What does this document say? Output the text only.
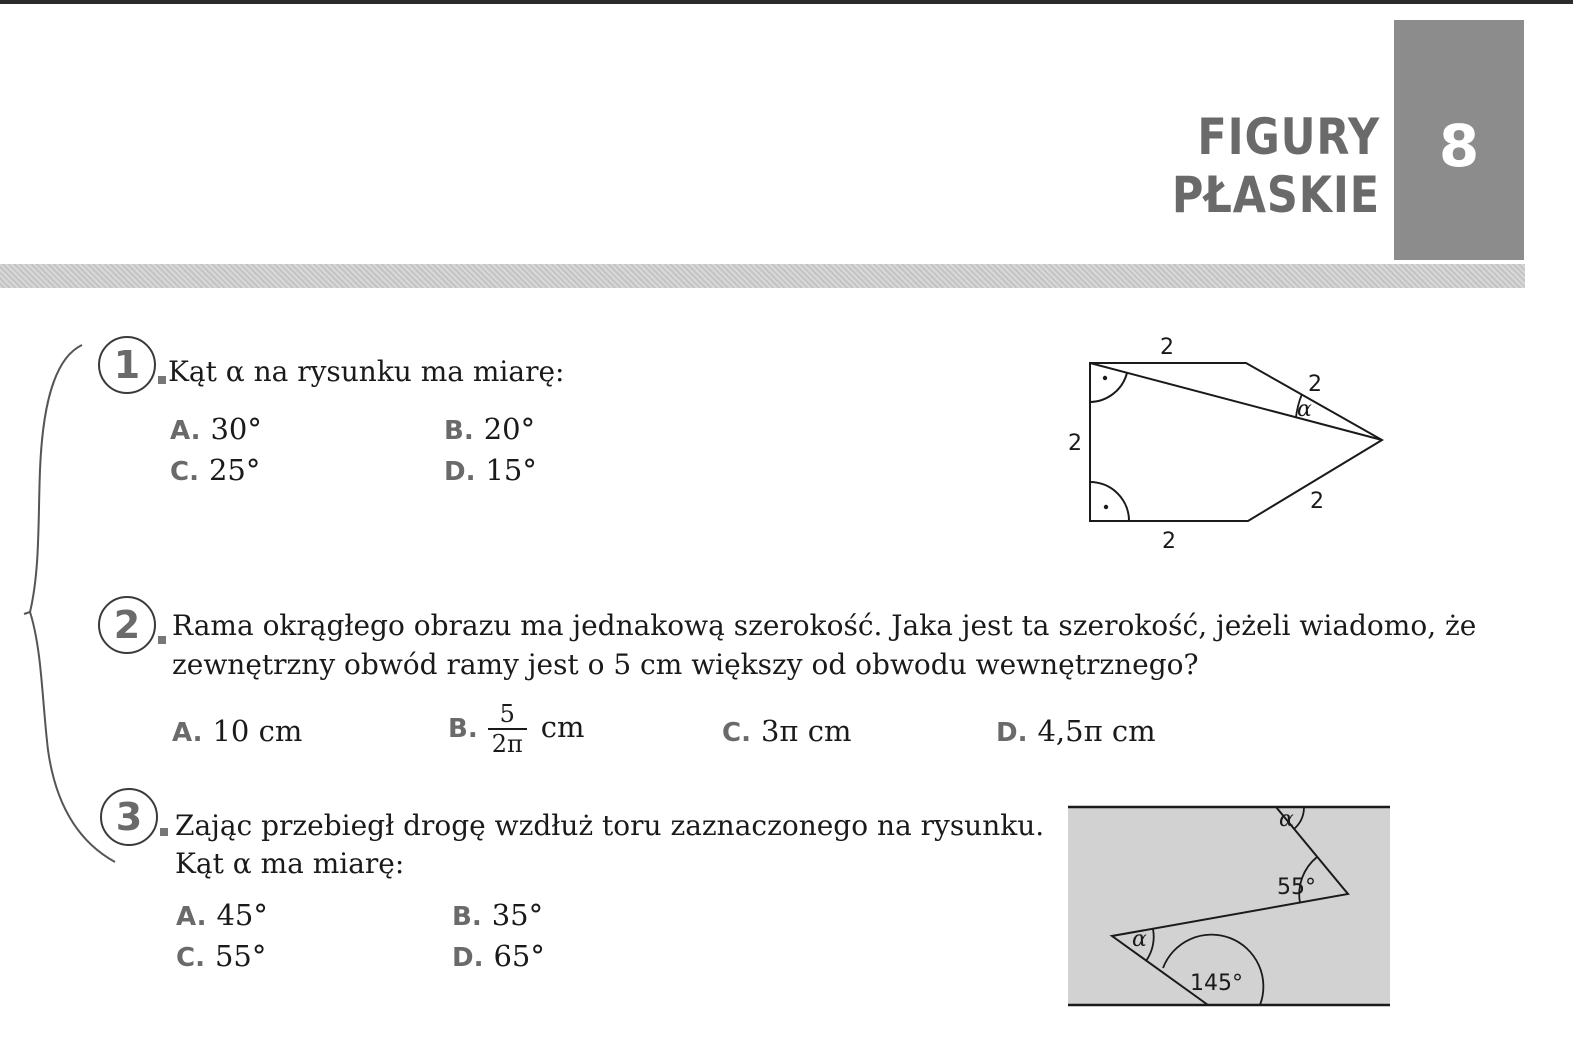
FIGURY PŁASKIE
8
1 Kąt α na rysunku ma miarę:
A. 30°	B. 20°
C. 25°	D. 15°
2
2
2
2
2
α
2	Rama okrągłego obrazu ma jednakową szerokość. Jaka jest ta szerokość, jeżeli wiadomo, że
zewnętrzny obwód ramy jest o 5 cm większy od obwodu wewnętrznego?
A. 10 cm	B. $\frac{5}{2\pi}$ cm	C. 3π cm	D. 4,5π cm
3	Zając przebiegł drogę wzdłuż toru zaznaczonego na rysunku.
Kąt α ma miarę:
A. 45°	B. 35°
C. 55°	D. 65°
α
55°
α
145°
